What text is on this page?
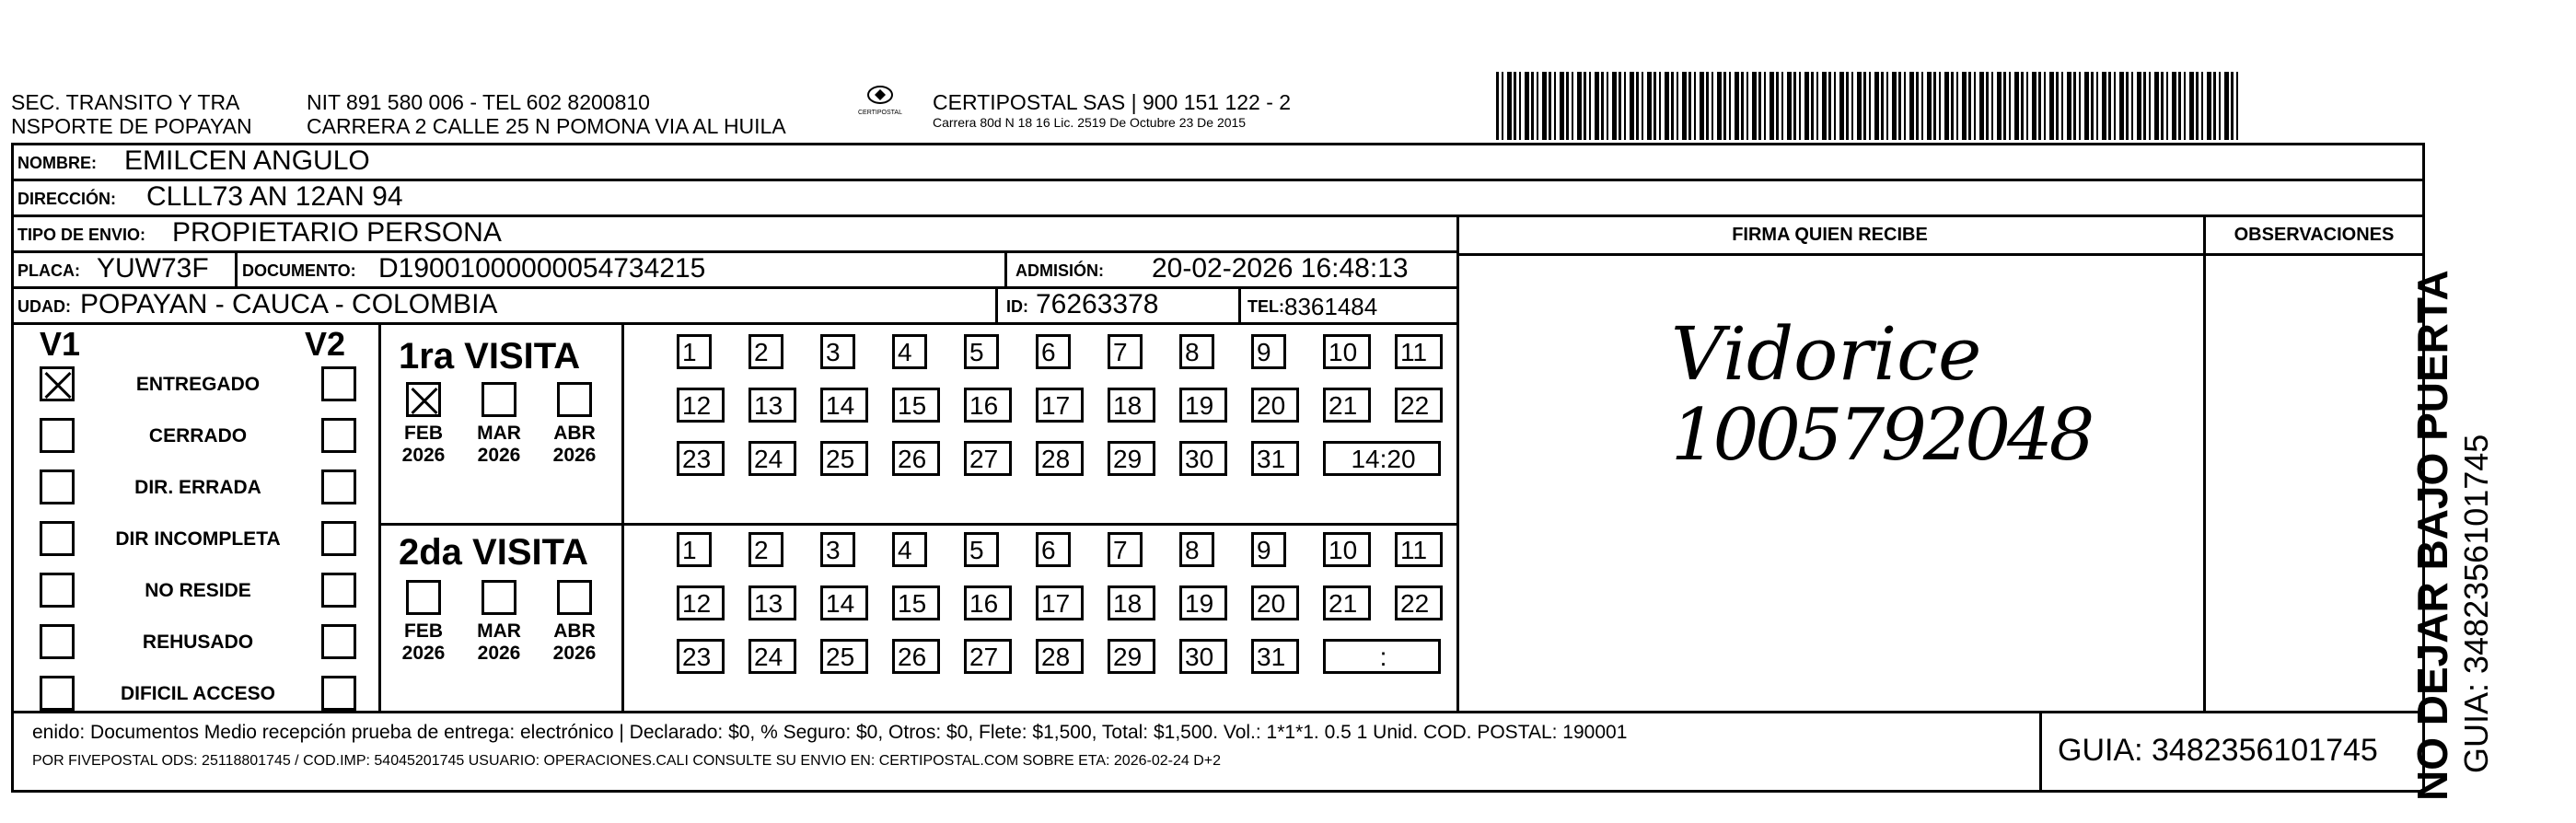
SEC. TRANSITO Y TRA
NSPORTE DE POPAYAN
NIT 891 580 006 - TEL 602 8200810
CARRERA 2 CALLE 25 N POMONA VIA AL HUILA
CERTIPOSTAL CERTIPOSTAL SAS | 900 151 122 - 2
Carrera 80d N 18 16 Lic. 2519 De Octubre 23 De 2015
NOMBRE: EMILCEN ANGULO
DIRECCIÓN: CLLL73 AN 12AN 94
TIPO DE ENVIO: PROPIETARIO PERSONA
PLACA: YUW73F DOCUMENTO: D19001000000054734215	ADMISIÓN: 20-02-2026 16:48:13
UDAD: POPAYAN - CAUCA - COLOMBIA	ID: 76263378	TEL: 8361484
FIRMA QUIEN RECIBE	OBSERVACIONES
Vidorice
1005792048
V1	V2
ENTREGADO
CERRADO
DIR. ERRADA
DIR INCOMPLETA
NO RESIDE
REHUSADO
DIFICIL ACCESO
1ra VISITA
2da VISITA
FEB
2026
MAR
2026
ABR
2026
1	2	3	4	5	6	7	8	9	10	11
12	13	14	15	16	17	18	19	20	21	22
23	24	25	26	27	28	29	30	31	14:20
FEB
2026
MAR
2026
ABR
2026
1	2	3	4	5	6	7	8	9	10	11
12	13	14	15	16	17	18	19	20	21	22
23	24	25	26	27	28	29	30	31	:
enido: Documentos Medio recepción prueba de entrega: electrónico | Declarado: $0, % Seguro: $0, Otros: $0, Flete: $1,500, Total: $1,500. Vol.: 1*1*1. 0.5 1 Unid. COD. POSTAL: 190001
POR FIVEPOSTAL ODS: 25118801745 / COD.IMP: 54045201745 USUARIO: OPERACIONES.CALI CONSULTE SU ENVIO EN: CERTIPOSTAL.COM SOBRE ETA: 2026-02-24 D+2	GUIA: 3482356101745 NO DEJAR BAJO PUERTA GUIA: 3482356101745
